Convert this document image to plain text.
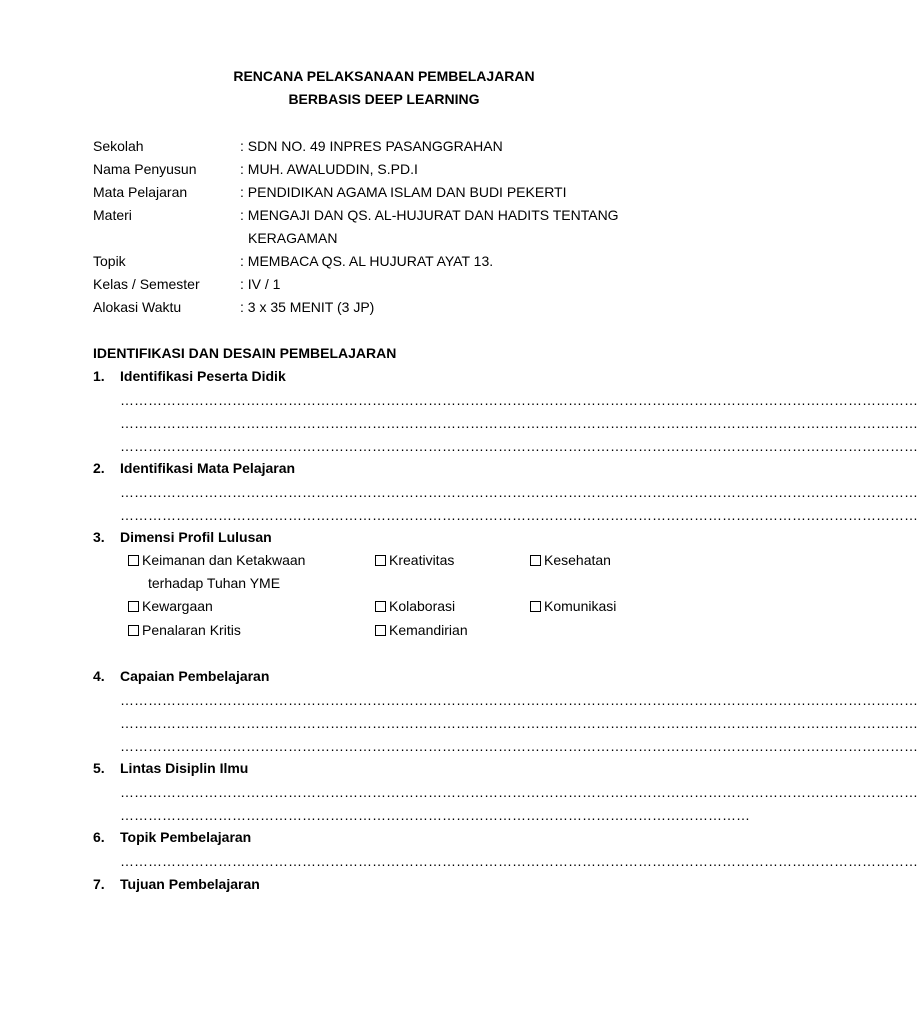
RENCANA PELAKSANAAN PEMBELAJARAN
BERBASIS DEEP LEARNING
Sekolah	: SDN NO. 49 INPRES PASANGGRAHAN
Nama Penyusun	: MUH. AWALUDDIN, S.PD.I
Mata Pelajaran	: PENDIDIKAN AGAMA ISLAM DAN BUDI PEKERTI
Materi	: MENGAJI DAN QS. AL-HUJURAT DAN HADITS TENTANG
KERAGAMAN
Topik	: MEMBACA QS. AL HUJURAT AYAT 13.
Kelas / Semester	: IV / 1
Alokasi Waktu	: 3 x 35 MENIT (3 JP)
IDENTIFIKASI DAN DESAIN PEMBELAJARAN
1. Identifikasi Peserta Didik
………………………………………………………………………………………………………………………………………………………
………………………………………………………………………………………………………………………………………………………
………………………………………………………………………………………………………………………………………………………
2. Identifikasi Mata Pelajaran
………………………………………………………………………………………………………………………………………………………
………………………………………………………………………………………………………………………………………………………
3. Dimensi Profil Lulusan
Keimanan dan Ketakwaan	Kreativitas	Kesehatan
terhadap Tuhan YME
Kewargaan	Kolaborasi	Komunikasi
Penalaran Kritis	Kemandirian
4. Capaian Pembelajaran
………………………………………………………………………………………………………………………………………………………
………………………………………………………………………………………………………………………………………………………
………………………………………………………………………………………………………………………………………………………
5. Lintas Disiplin Ilmu
………………………………………………………………………………………………………………………………………………………
………………………………………………………………………………………………………………………
6. Topik Pembelajaran
………………………………………………………………………………………………………………………………………………………
7. Tujuan Pembelajaran
